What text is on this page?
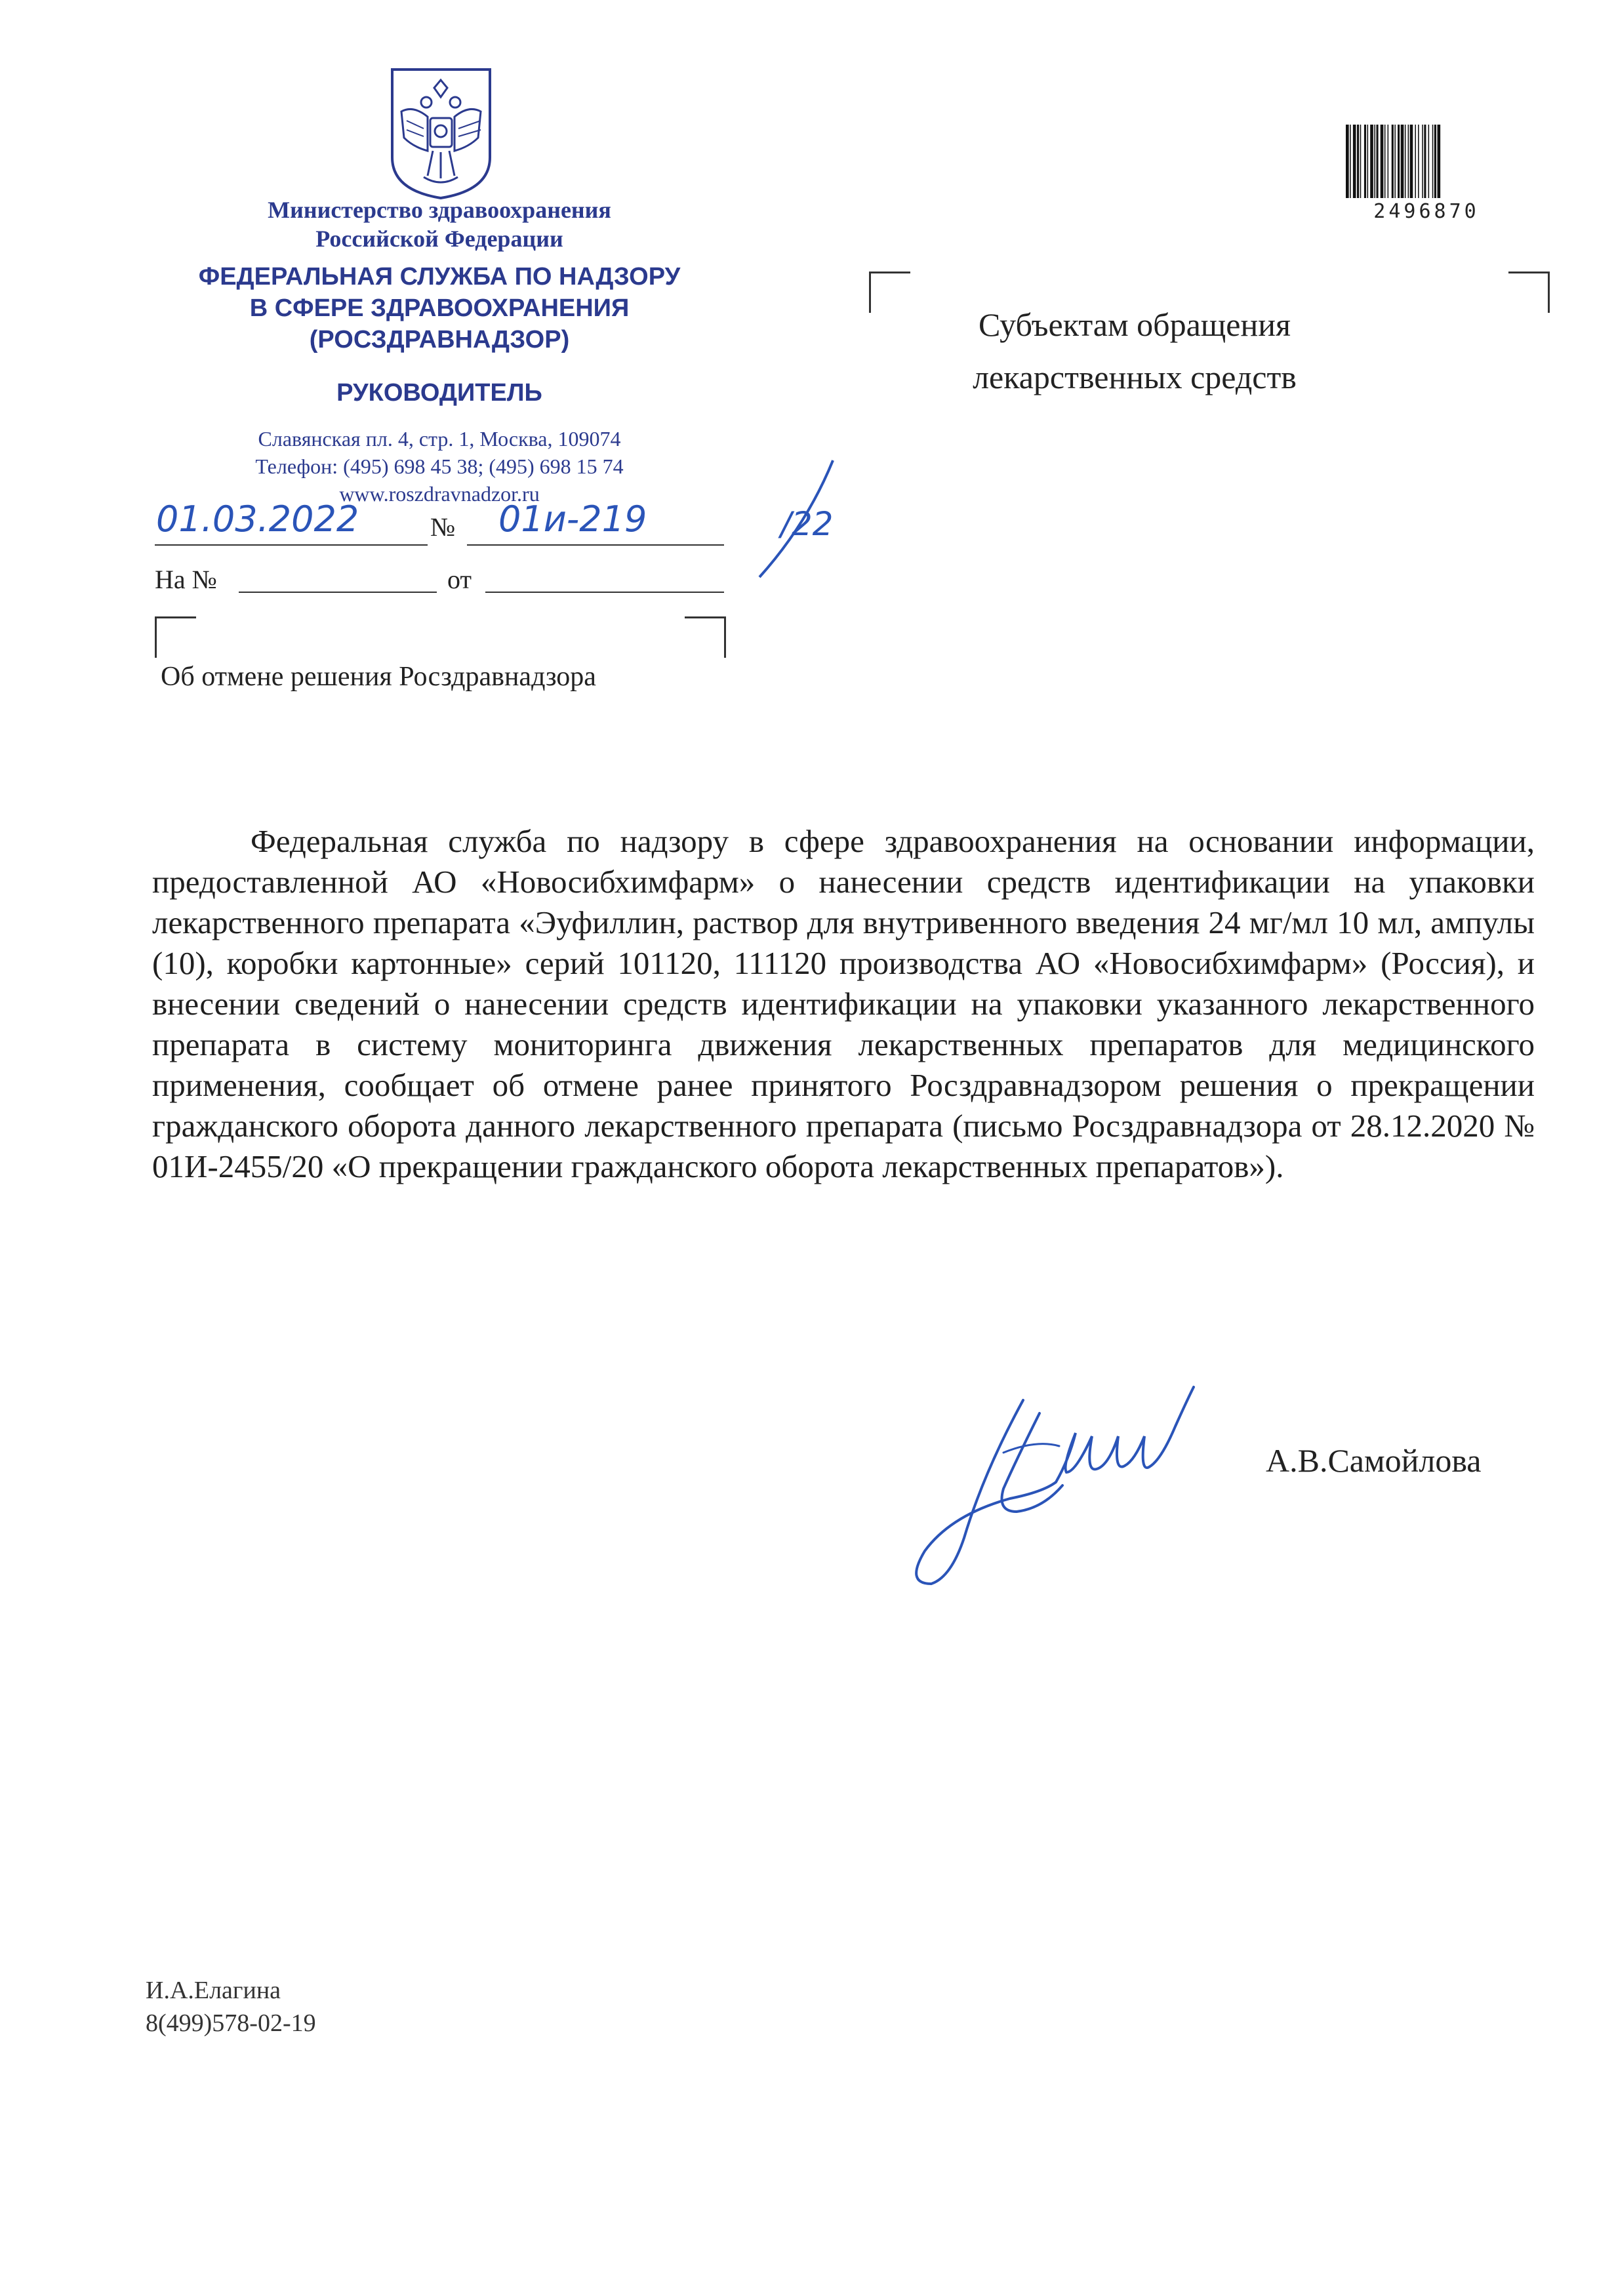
Министерство здравоохранения
Российской Федерации
ФЕДЕРАЛЬНАЯ СЛУЖБА ПО НАДЗОРУ
В СФЕРЕ ЗДРАВООХРАНЕНИЯ
(РОСЗДРАВНАДЗОР)
РУКОВОДИТЕЛЬ
Славянская пл. 4, стр. 1, Москва, 109074
Телефон: (495) 698 45 38; (495) 698 15 74
www.roszdravnadzor.ru
2496870
Субъектам обращения
лекарственных средств
01.03.2022	№ 01и-219	/22
На №	от
Об отмене решения Росздравнадзора

Федеральная служба по надзору в сфере здравоохранения на основании информации, предоставленной АО «Новосибхимфарм» о нанесении средств идентификации на упаковки лекарственного препарата «Эуфиллин, раствор для внутривенного введения 24 мг/мл 10 мл, ампулы (10), коробки картонные» серий 101120, 111120 производства АО «Новосибхимфарм» (Россия), и внесении сведений о нанесении средств идентификации на упаковки указанного лекарственного препарата в систему мониторинга движения лекарственных препаратов для медицинского применения, сообщает об отмене ранее принятого Росздравнадзором решения о прекращении гражданского оборота данного лекарственного препарата (письмо Росздравнадзора от 28.12.2020 № 01И-2455/20 «О прекращении гражданского оборота лекарственных препаратов»).

А.В.Самойлова
И.А.Елагина
8(499)578-02-19
